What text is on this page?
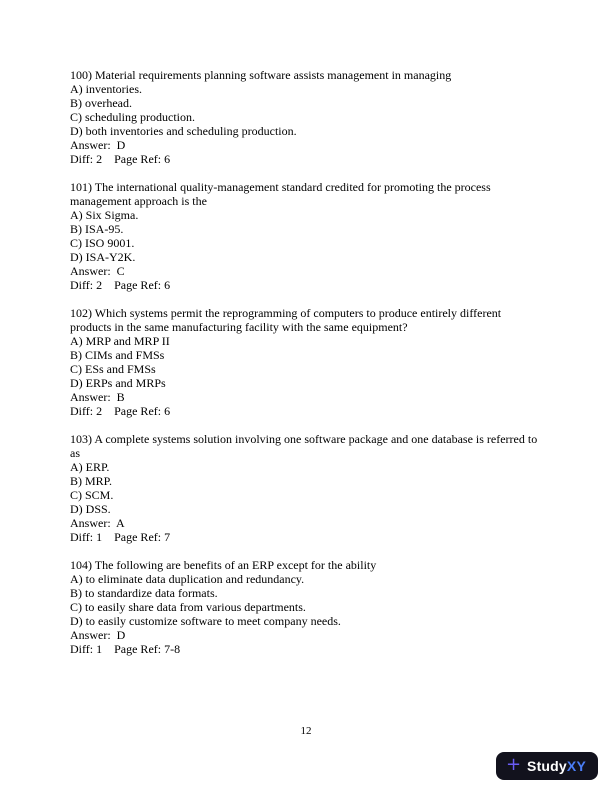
100) Material requirements planning software assists management in managing

A) inventories.

B) overhead.

C) scheduling production.

D) both inventories and scheduling production.

Answer:  D

Diff: 2    Page Ref: 6

101) The international quality-management standard credited for promoting the process management approach is the

A) Six Sigma.

B) ISA-95.

C) ISO 9001.

D) ISA-Y2K.

Answer:  C

Diff: 2    Page Ref: 6

102) Which systems permit the reprogramming of computers to produce entirely different products in the same manufacturing facility with the same equipment?

A) MRP and MRP II

B) CIMs and FMSs

C) ESs and FMSs

D) ERPs and MRPs

Answer:  B

Diff: 2    Page Ref: 6

103) A complete systems solution involving one software package and one database is referred to as

A) ERP.

B) MRP.

C) SCM.

D) DSS.

Answer:  A

Diff: 1    Page Ref: 7

104) The following are benefits of an ERP except for the ability

A) to eliminate data duplication and redundancy.

B) to standardize data formats.

C) to easily share data from various departments.

D) to easily customize software to meet company needs.

Answer:  D

Diff: 1    Page Ref: 7-8

12
+ StudyXY
